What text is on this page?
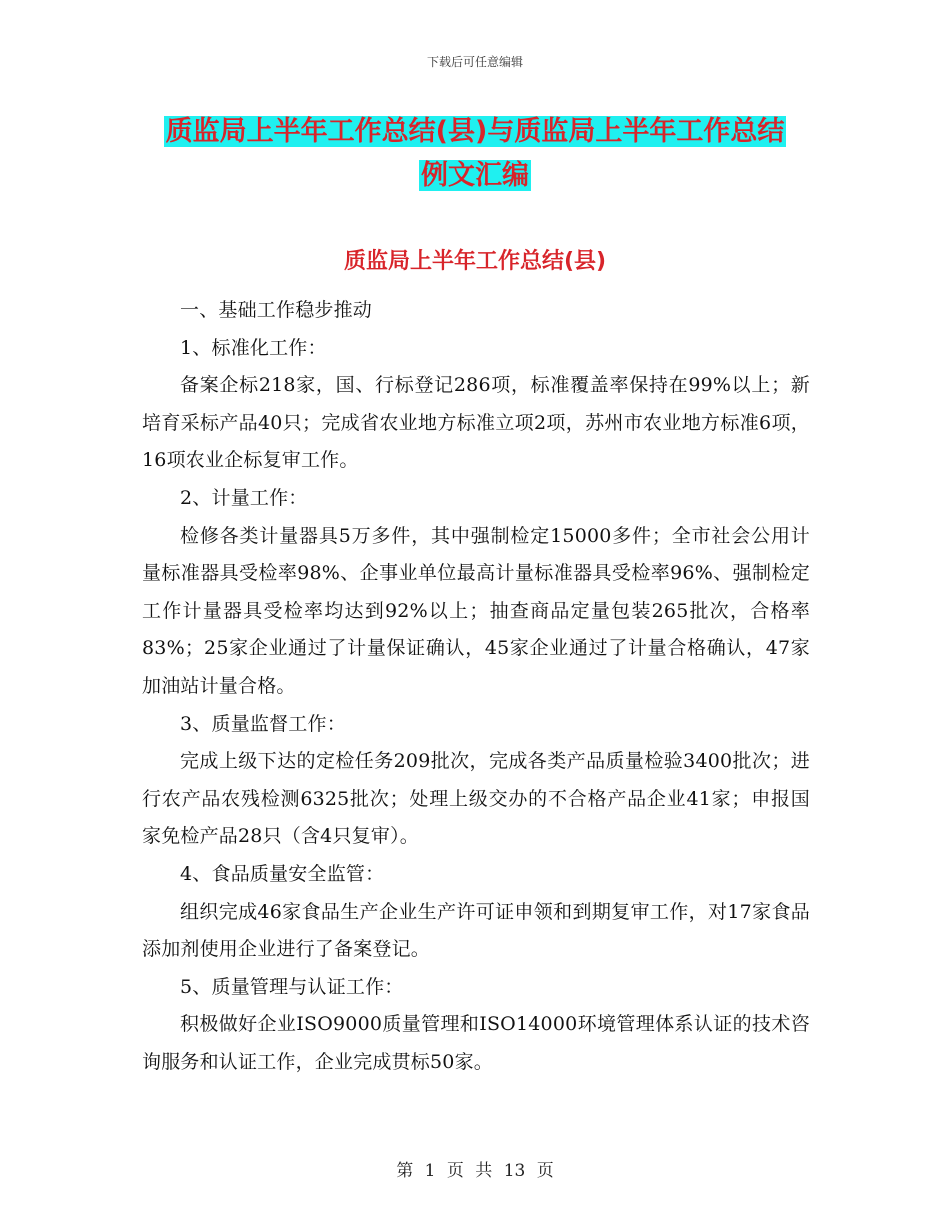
下载后可任意编辑
质监局上半年工作总结(县)与质监局上半年工作总结
例文汇编
质监局上半年工作总结(县)

一、基础工作稳步推动

1、标准化工作：

备案企标218家，国、行标登记286项，标准覆盖率保持在99%以上；新培育采标产品40只；完成省农业地方标准立项2项，苏州市农业地方标准6项，16项农业企标复审工作。

2、计量工作：

检修各类计量器具5万多件，其中强制检定15000多件；全市社会公用计量标准器具受检率98%、企事业单位最高计量标准器具受检率96%、强制检定工作计量器具受检率均达到92%以上；抽查商品定量包装265批次，合格率83%；25家企业通过了计量保证确认，45家企业通过了计量合格确认，47家加油站计量合格。

3、质量监督工作：

完成上级下达的定检任务209批次，完成各类产品质量检验3400批次；进行农产品农残检测6325批次；处理上级交办的不合格产品企业41家；申报国家免检产品28只（含4只复审）。

4、食品质量安全监管：

组织完成46家食品生产企业生产许可证申领和到期复审工作，对17家食品添加剂使用企业进行了备案登记。

5、质量管理与认证工作：

积极做好企业ISO9000质量管理和ISO14000环境管理体系认证的技术咨询服务和认证工作，企业完成贯标50家。

第 1 页 共 13 页
